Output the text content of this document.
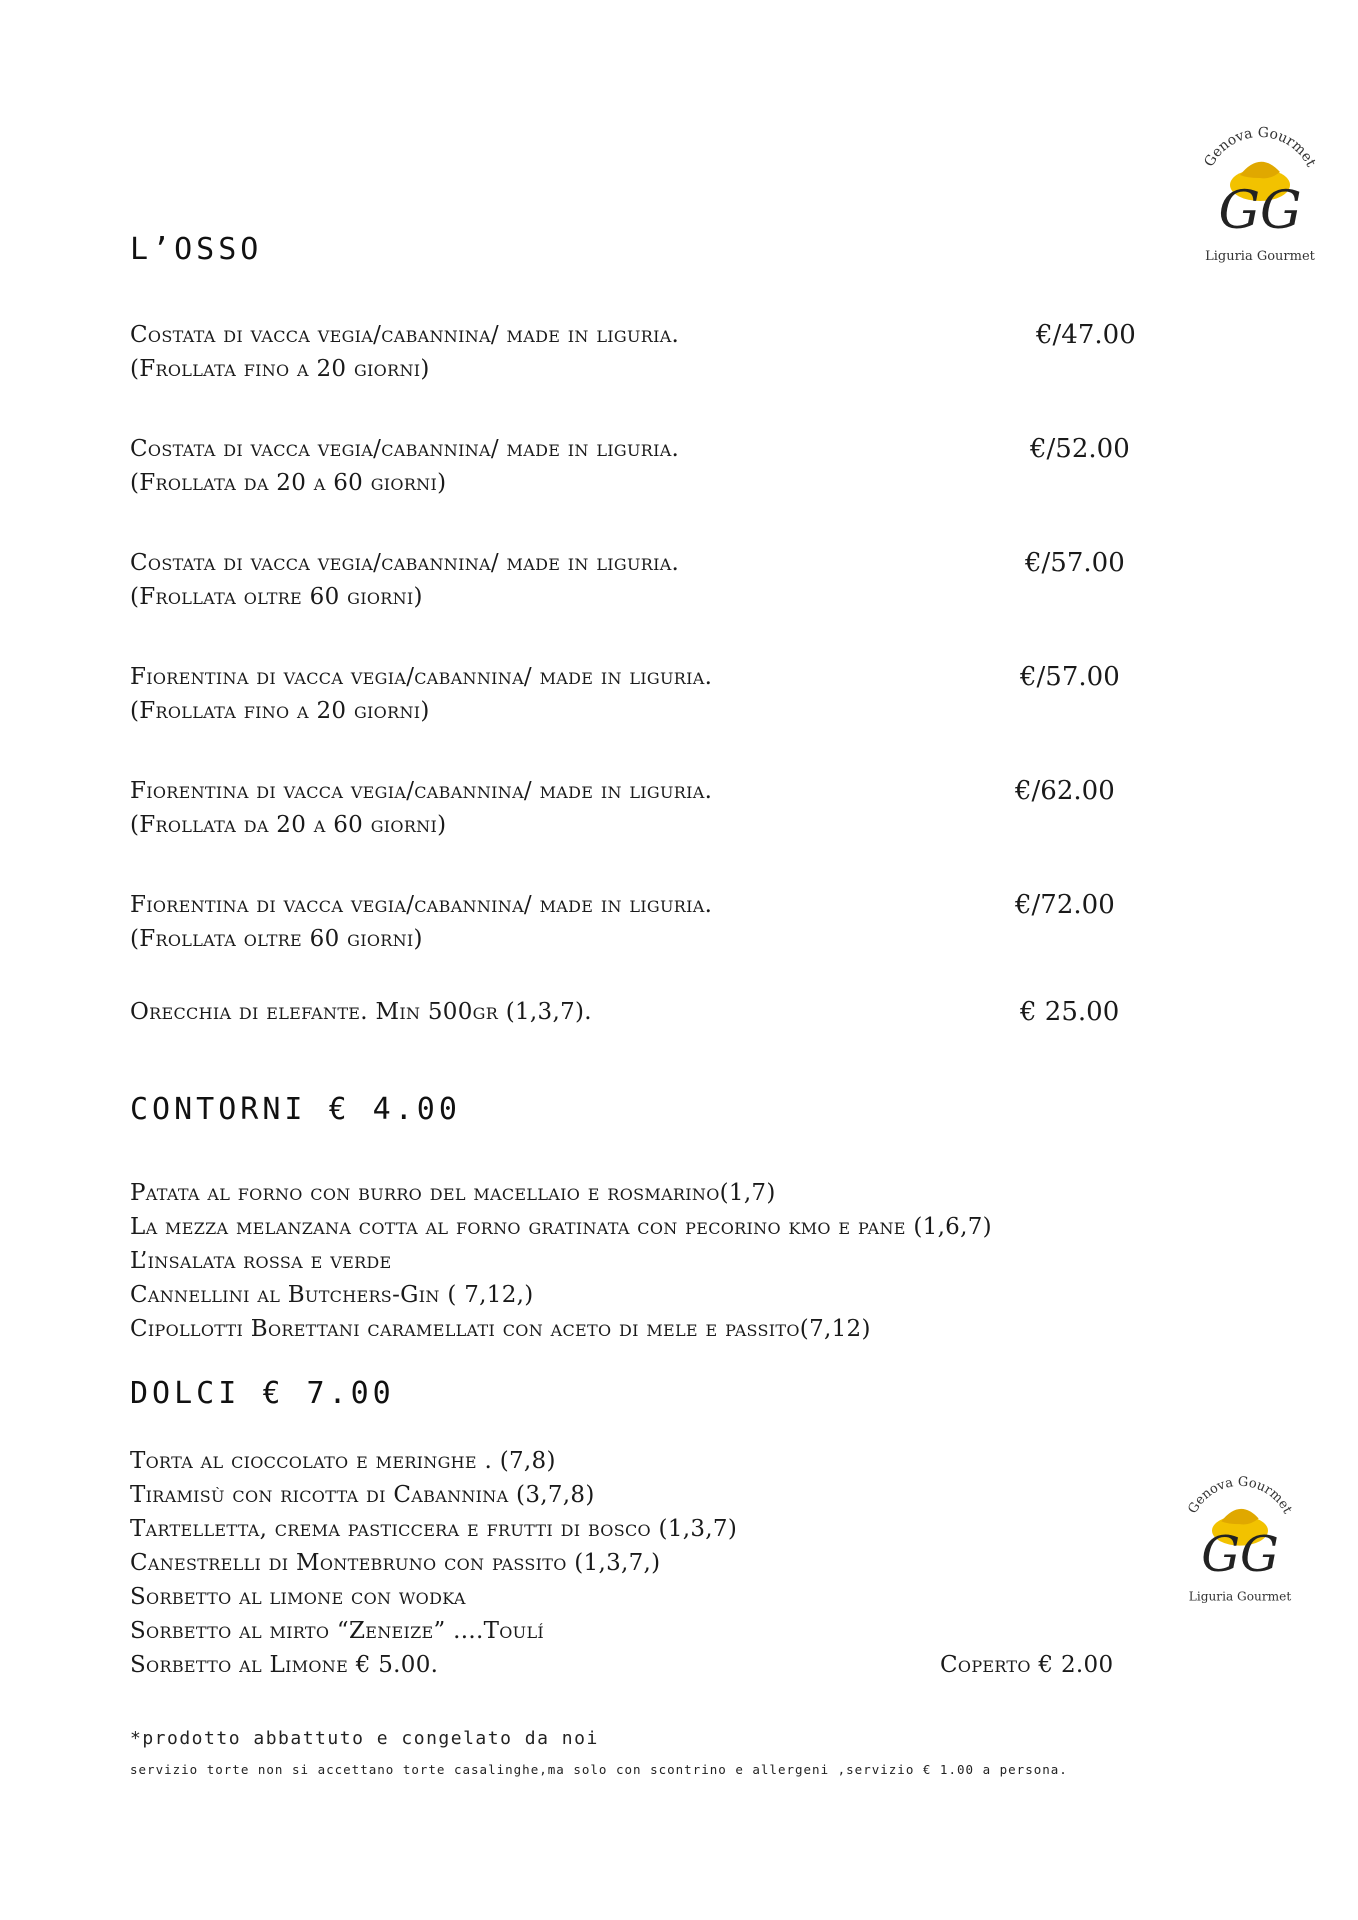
Genova Gourmet
GG
Liguria Gourmet
L’OSSO
Costata di vacca vegia/cabannina/ made in liguria.
(Frollata fino a 20 giorni)
€/47.00
Costata di vacca vegia/cabannina/ made in liguria.
(Frollata da 20 a 60 giorni)
€/52.00
Costata di vacca vegia/cabannina/ made in liguria.
(Frollata oltre 60 giorni)
€/57.00
Fiorentina di vacca vegia/cabannina/ made in liguria.
(Frollata fino a 20 giorni)
€/57.00
Fiorentina di vacca vegia/cabannina/ made in liguria.
(Frollata da 20 a 60 giorni)
€/62.00
Fiorentina di vacca vegia/cabannina/ made in liguria.
(Frollata oltre 60 giorni)
€/72.00
Orecchia di elefante. Min 500gr (1,3,7).	€ 25.00
CONTORNI € 4.00
Patata al forno con burro del macellaio e rosmarino(1,7)
La mezza melanzana cotta al forno gratinata con pecorino kmo e pane (1,6,7)
L’insalata rossa e verde
Cannellini al Butchers-Gin ( 7,12,)
Cipollotti Borettani caramellati con aceto di mele e passito(7,12)
DOLCI € 7.00
Torta al cioccolato e meringhe . (7,8)
Tiramisù con ricotta di Cabannina (3,7,8)
Tartelletta, crema pasticcera e frutti di bosco (1,3,7)
Canestrelli di Montebruno con passito (1,3,7,)
Sorbetto al limone con wodka
Sorbetto al mirto “Zeneize” ....Toulí
Sorbetto al Limone € 5.00.	Coperto € 2.00
Genova Gourmet
GG
Liguria Gourmet
*prodotto abbattuto e congelato da noi
servizio torte non si accettano torte casalinghe,ma solo con scontrino e allergeni ,servizio € 1.00 a persona.
